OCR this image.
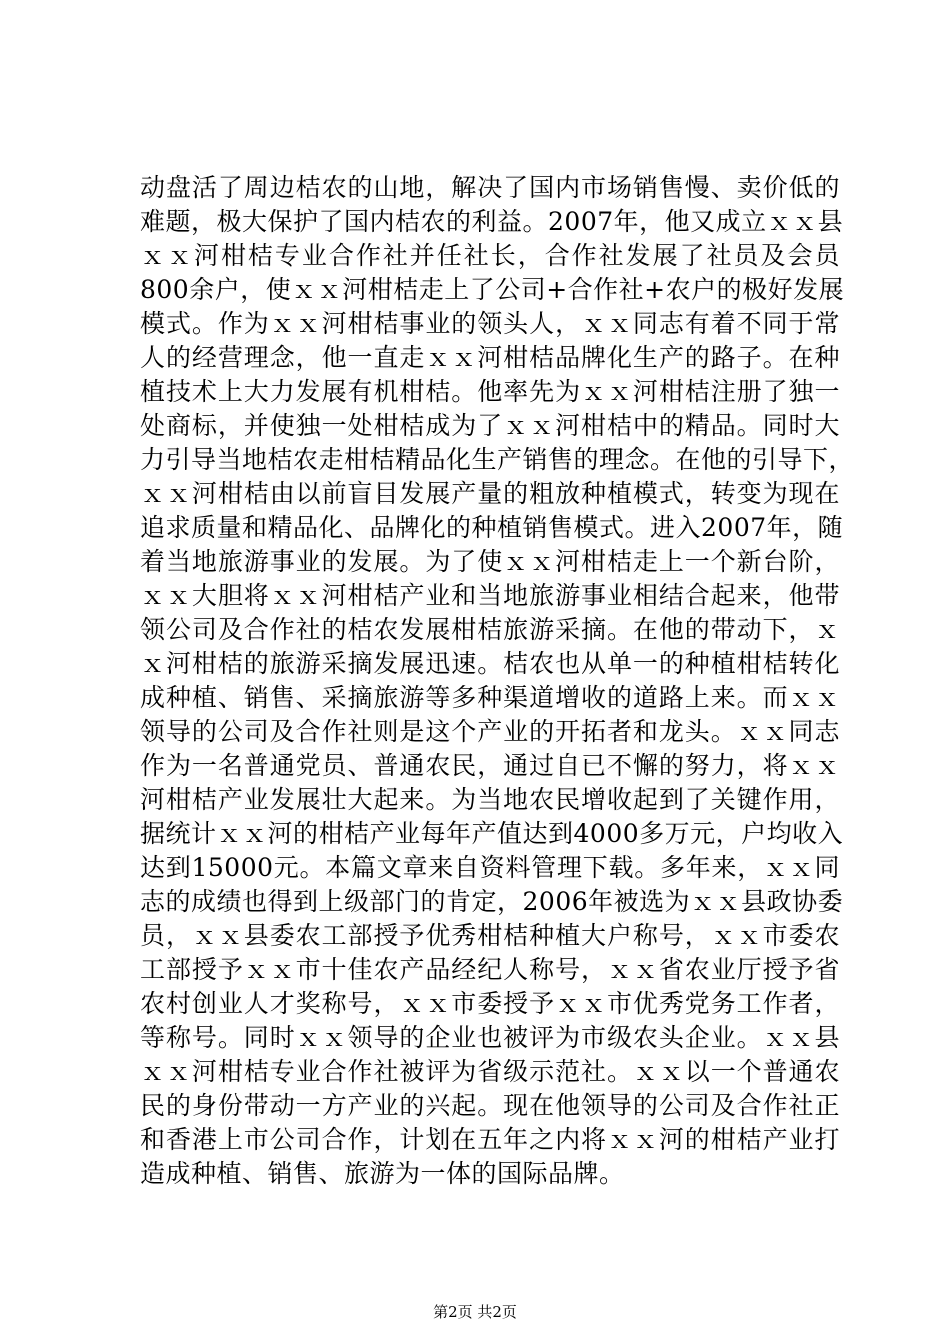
动盘活了周边桔农的山地，解决了国内市场销售慢、卖价低的
难题，极大保护了国内桔农的利益。2007年，他又成立ｘｘ县
ｘｘ河柑桔专业合作社并任社长，合作社发展了社员及会员
800余户，使ｘｘ河柑桔走上了公司+合作社+农户的极好发展
模式。作为ｘｘ河柑桔事业的领头人，ｘｘ同志有着不同于常
人的经营理念，他一直走ｘｘ河柑桔品牌化生产的路子。在种
植技术上大力发展有机柑桔。他率先为ｘｘ河柑桔注册了独一
处商标，并使独一处柑桔成为了ｘｘ河柑桔中的精品。同时大
力引导当地桔农走柑桔精品化生产销售的理念。在他的引导下，
ｘｘ河柑桔由以前盲目发展产量的粗放种植模式，转变为现在
追求质量和精品化、品牌化的种植销售模式。进入2007年，随
着当地旅游事业的发展。为了使ｘｘ河柑桔走上一个新台阶，
ｘｘ大胆将ｘｘ河柑桔产业和当地旅游事业相结合起来，他带
领公司及合作社的桔农发展柑桔旅游采摘。在他的带动下，ｘ
ｘ河柑桔的旅游采摘发展迅速。桔农也从单一的种植柑桔转化
成种植、销售、采摘旅游等多种渠道增收的道路上来。而ｘｘ
领导的公司及合作社则是这个产业的开拓者和龙头。ｘｘ同志
作为一名普通党员、普通农民，通过自已不懈的努力，将ｘｘ
河柑桔产业发展壮大起来。为当地农民增收起到了关键作用，
据统计ｘｘ河的柑桔产业每年产值达到4000多万元，户均收入
达到15000元。本篇文章来自资料管理下载。多年来，ｘｘ同
志的成绩也得到上级部门的肯定，2006年被选为ｘｘ县政协委
员，ｘｘ县委农工部授予优秀柑桔种植大户称号，ｘｘ市委农
工部授予ｘｘ市十佳农产品经纪人称号，ｘｘ省农业厅授予省
农村创业人才奖称号，ｘｘ市委授予ｘｘ市优秀党务工作者，
等称号。同时ｘｘ领导的企业也被评为市级农头企业。ｘｘ县
ｘｘ河柑桔专业合作社被评为省级示范社。ｘｘ以一个普通农
民的身份带动一方产业的兴起。现在他领导的公司及合作社正
和香港上市公司合作，计划在五年之内将ｘｘ河的柑桔产业打
造成种植、销售、旅游为一体的国际品牌。
第2页 共2页
